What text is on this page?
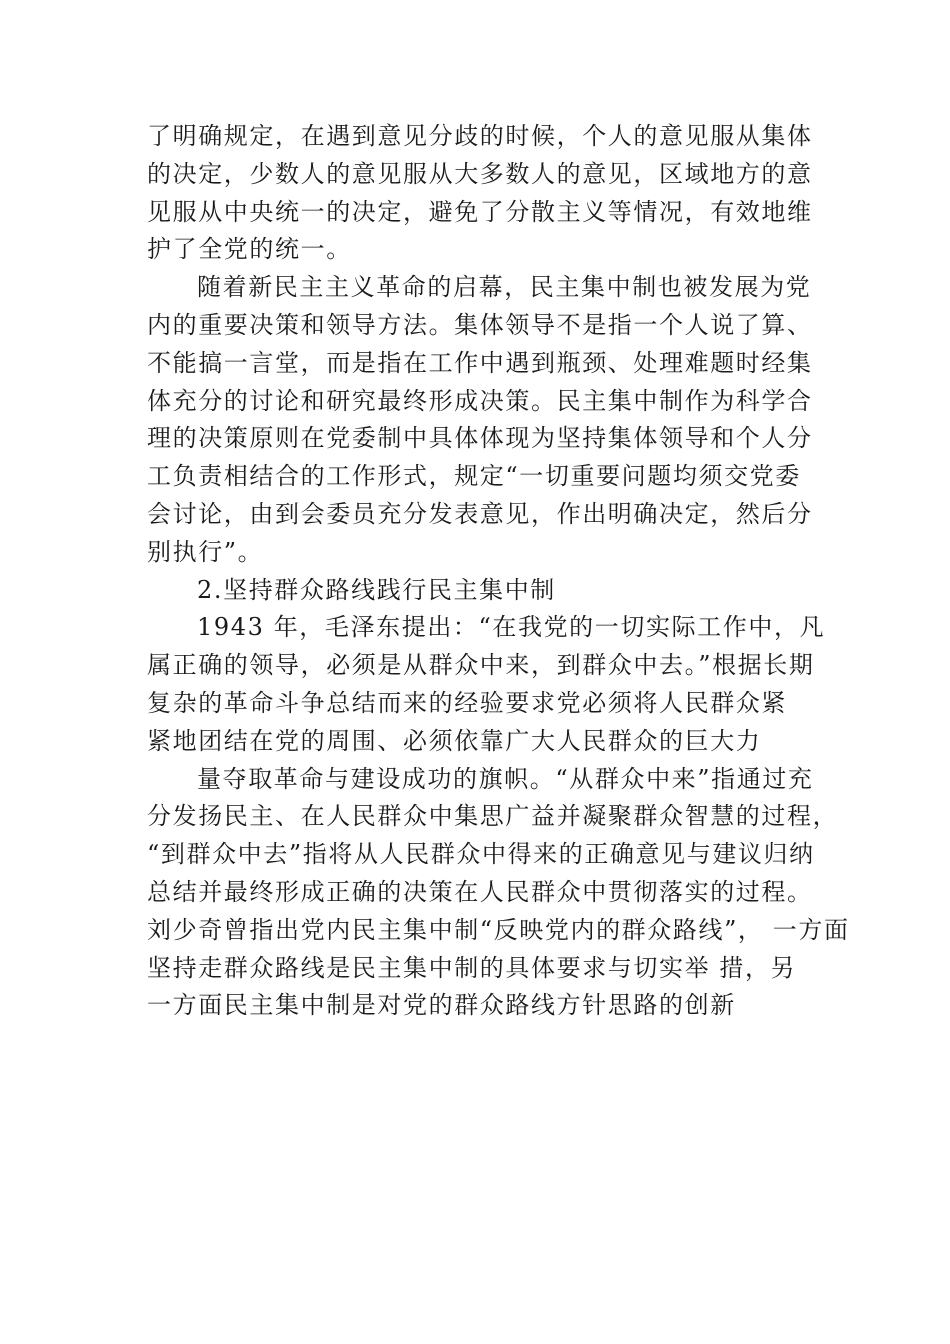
了明确规定，在遇到意见分歧的时候，个人的意见服从集体
的决定，少数人的意见服从大多数人的意见，区域地方的意
见服从中央统一的决定，避免了分散主义等情况，有效地维
护了全党的统一。
随着新民主主义革命的启幕，民主集中制也被发展为党
内的重要决策和领导方法。集体领导不是指一个人说了算、
不能搞一言堂，而是指在工作中遇到瓶颈、处理难题时经集
体充分的讨论和研究最终形成决策。民主集中制作为科学合
理的决策原则在党委制中具体体现为坚持集体领导和个人分
工负责相结合的工作形式，规定“一切重要问题均须交党委
会讨论，由到会委员充分发表意见，作出明确决定，然后分
别执行”。
2.坚持群众路线践行民主集中制
1943 年，毛泽东提出：“在我党的一切实际工作中，凡
属正确的领导，必须是从群众中来，到群众中去。”根据长期
复杂的革命斗争总结而来的经验要求党必须将人民群众紧
紧地团结在党的周围、必须依靠广大人民群众的巨大力
量夺取革命与建设成功的旗帜。“从群众中来”指通过充
分发扬民主、在人民群众中集思广益并凝聚群众智慧的过程，
“到群众中去”指将从人民群众中得来的正确意见与建议归纳
总结并最终形成正确的决策在人民群众中贯彻落实的过程。
刘少奇曾指出党内民主集中制“反映党内的群众路线”， 一方面
坚持走群众路线是民主集中制的具体要求与切实举 措，另
一方面民主集中制是对党的群众路线方针思路的创新
